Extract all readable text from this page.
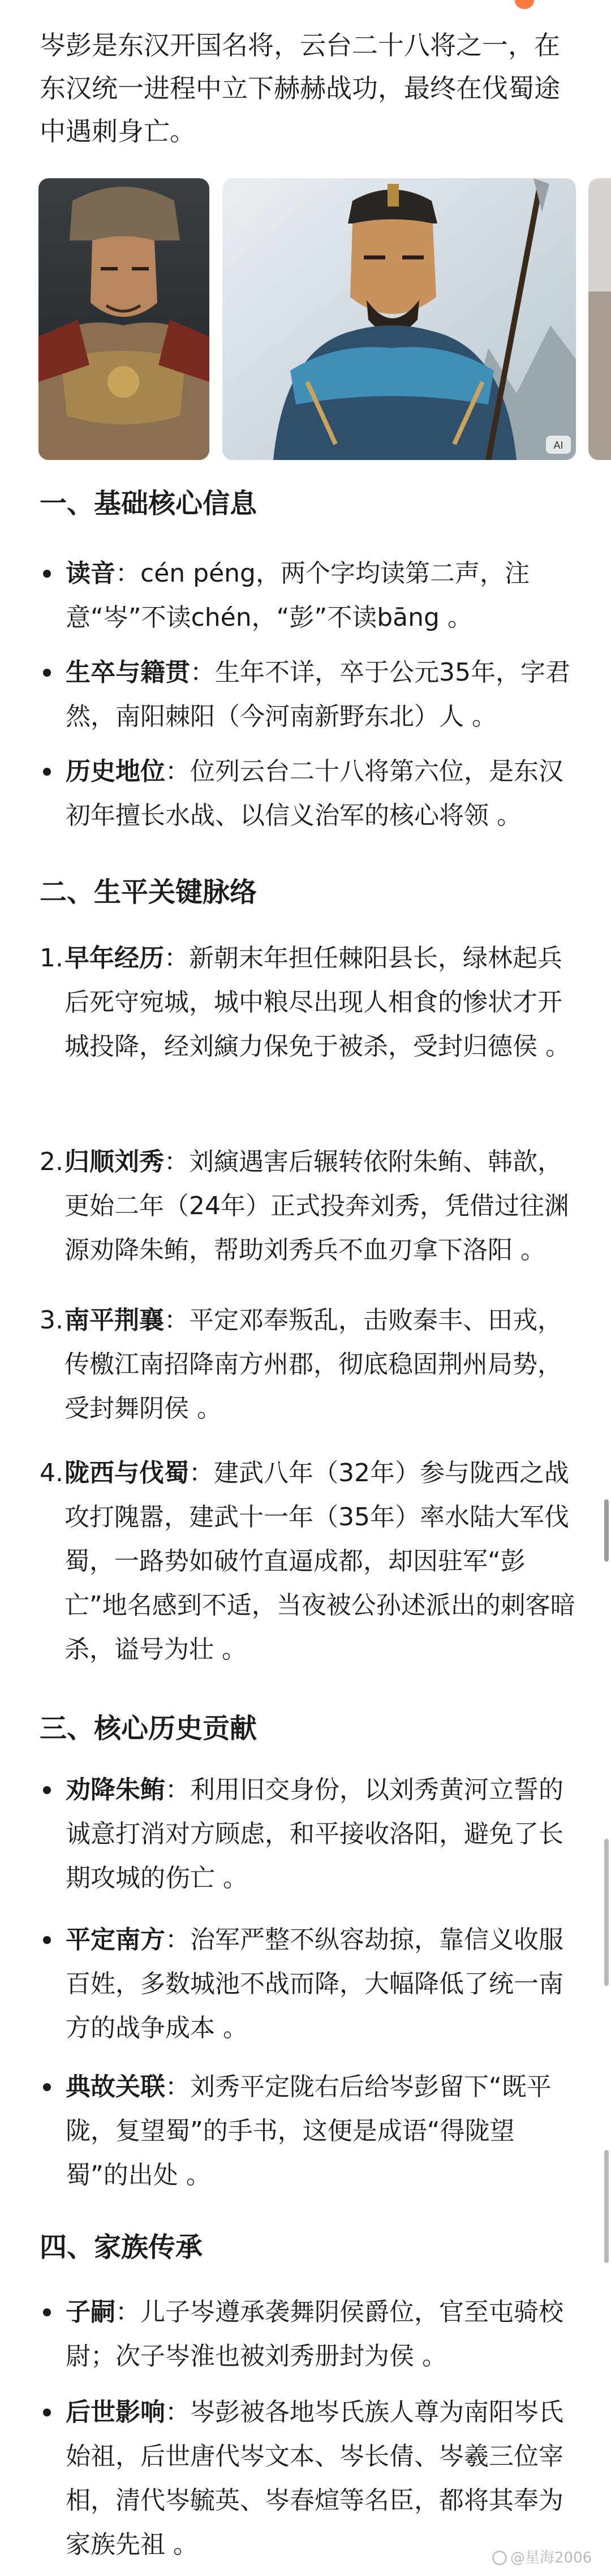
岑彭是东汉开国名将，云台二十八将之一，在东汉统一进程中立下赫赫战功，最终在伐蜀途中遇刺身亡。

AI
一、基础核心信息

读音：cén péng，两个字均读第二声，注意“岑”不读chén，“彭”不读bāng 。

生卒与籍贯：生年不详，卒于公元35年，字君然，南阳棘阳（今河南新野东北）人 。

历史地位：位列云台二十八将第六位，是东汉初年擅长水战、以信义治军的核心将领 。

二、生平关键脉络

1. 早年经历：新朝末年担任棘阳县长，绿林起兵后死守宛城，城中粮尽出现人相食的惨状才开城投降，经刘縯力保免于被杀，受封归德侯 。

2. 归顺刘秀：刘縯遇害后辗转依附朱鲔、韩歆，更始二年（24年）正式投奔刘秀，凭借过往渊源劝降朱鲔，帮助刘秀兵不血刃拿下洛阳 。

3. 南平荆襄：平定邓奉叛乱，击败秦丰、田戎，传檄江南招降南方州郡，彻底稳固荆州局势，受封舞阴侯 。

4. 陇西与伐蜀：建武八年（32年）参与陇西之战攻打隗嚣，建武十一年（35年）率水陆大军伐蜀，一路势如破竹直逼成都，却因驻军“彭亡”地名感到不适，当夜被公孙述派出的刺客暗杀，谥号为壮 。

三、核心历史贡献

劝降朱鲔：利用旧交身份，以刘秀黄河立誓的诚意打消对方顾虑，和平接收洛阳，避免了长期攻城的伤亡 。

平定南方：治军严整不纵容劫掠，靠信义收服百姓，多数城池不战而降，大幅降低了统一南方的战争成本 。

典故关联：刘秀平定陇右后给岑彭留下“既平陇，复望蜀”的手书，这便是成语“得陇望蜀”的出处 。

四、家族传承

子嗣：儿子岑遵承袭舞阴侯爵位，官至屯骑校尉；次子岑淮也被刘秀册封为侯 。

后世影响：岑彭被各地岑氏族人尊为南阳岑氏始祖，后世唐代岑文本、岑长倩、岑羲三位宰相，清代岑毓英、岑春煊等名臣，都将其奉为家族先祖 。	@星海2006
